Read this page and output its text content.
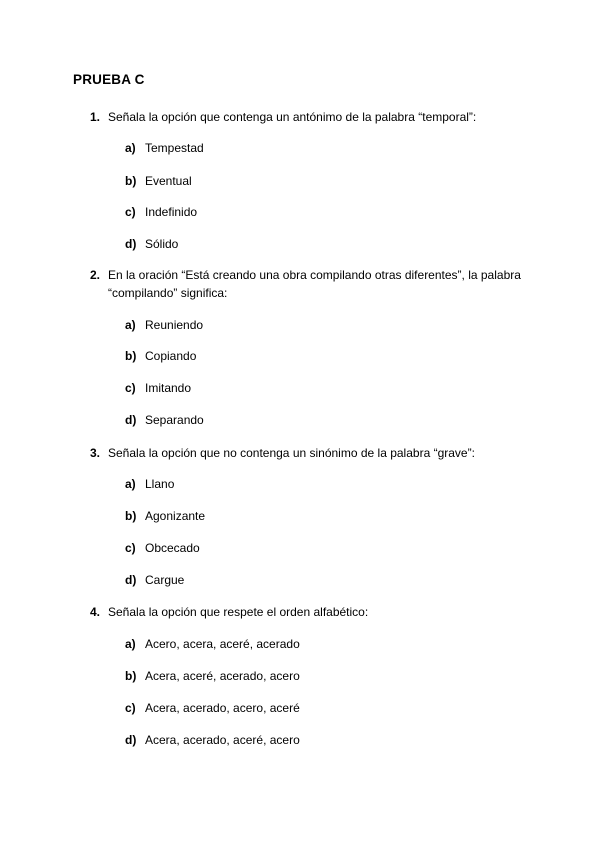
PRUEBA C
1. Señala la opción que contenga un antónimo de la palabra “temporal”:
a) Tempestad
b) Eventual
c) Indefinido
d) Sólido
2. En la oración “Está creando una obra compilando otras diferentes”, la palabra “compilando” significa:
a) Reuniendo
b) Copiando
c) Imitando
d) Separando
3. Señala la opción que no contenga un sinónimo de la palabra “grave”:
a) Llano
b) Agonizante
c) Obcecado
d) Cargue
4. Señala la opción que respete el orden alfabético:
a) Acero, acera, aceré, acerado
b) Acera, aceré, acerado, acero
c) Acera, acerado, acero, aceré
d) Acera, acerado, aceré, acero
